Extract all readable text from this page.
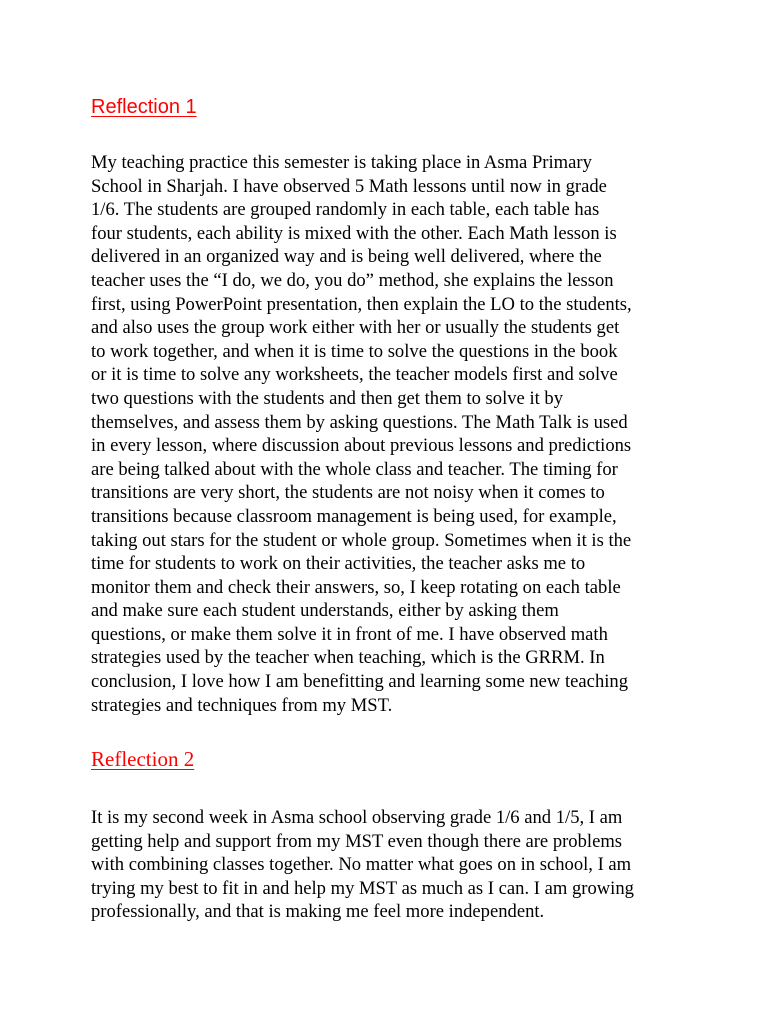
Reflection 1
My teaching practice this semester is taking place in Asma Primary
School in Sharjah. I have observed 5 Math lessons until now in grade
1/6. The students are grouped randomly in each table, each table has
four students, each ability is mixed with the other. Each Math lesson is
delivered in an organized way and is being well delivered, where the
teacher uses the “I do, we do, you do” method, she explains the lesson
first, using PowerPoint presentation, then explain the LO to the students,
and also uses the group work either with her or usually the students get
to work together, and when it is time to solve the questions in the book
or it is time to solve any worksheets, the teacher models first and solve
two questions with the students and then get them to solve it by
themselves, and assess them by asking questions. The Math Talk is used
in every lesson, where discussion about previous lessons and predictions
are being talked about with the whole class and teacher. The timing for
transitions are very short, the students are not noisy when it comes to
transitions because classroom management is being used, for example,
taking out stars for the student or whole group. Sometimes when it is the
time for students to work on their activities, the teacher asks me to
monitor them and check their answers, so, I keep rotating on each table
and make sure each student understands, either by asking them
questions, or make them solve it in front of me. I have observed math
strategies used by the teacher when teaching, which is the GRRM. In
conclusion, I love how I am benefitting and learning some new teaching
strategies and techniques from my MST.
Reflection 2
It is my second week in Asma school observing grade 1/6 and 1/5, I am
getting help and support from my MST even though there are problems
with combining classes together. No matter what goes on in school, I am
trying my best to fit in and help my MST as much as I can. I am growing
professionally, and that is making me feel more independent.
